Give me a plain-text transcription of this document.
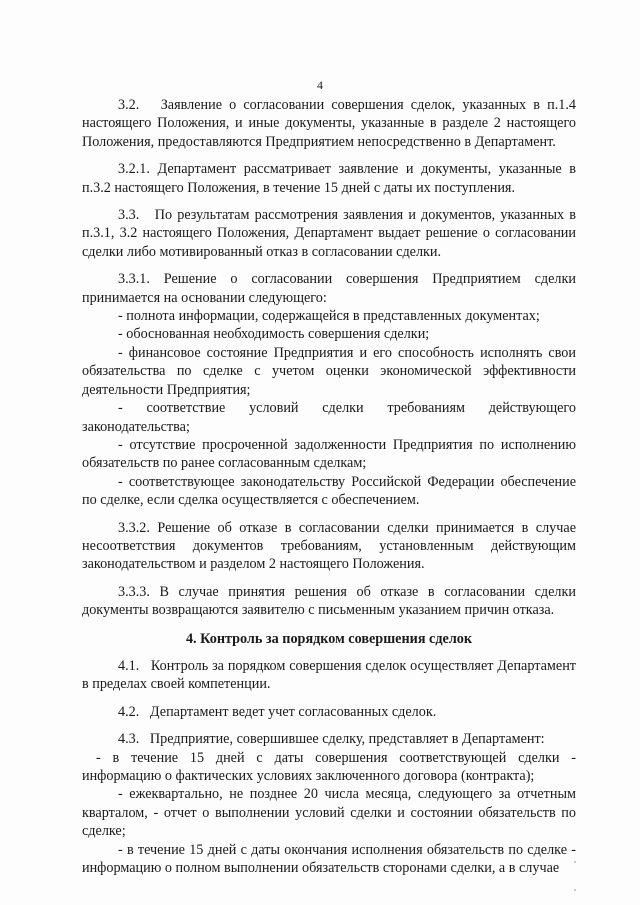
4

3.2.   Заявление о согласовании совершения сделок, указанных в п.1.4 настоящего Положения, и иные документы, указанные в разделе 2 настоящего Положения, предоставляются Предприятием непосредственно в Департамент.

3.2.1. Департамент рассматривает заявление и документы, указанные в п.3.2 настоящего Положения, в течение 15 дней с даты их поступления.

3.3.   По результатам рассмотрения заявления и документов, указанных в п.3.1, 3.2 настоящего Положения, Департамент выдает решение о согласовании сделки либо мотивированный отказ в согласовании сделки.

3.3.1. Решение о согласовании совершения Предприятием сделки принимается на основании следующего:

- полнота информации, содержащейся в представленных документах;

- обоснованная необходимость совершения сделки;

- финансовое состояние Предприятия и его способность исполнять свои обязательства по сделке с учетом оценки экономической эффективности деятельности Предприятия;

- соответствие условий сделки требованиям действующего законодательства;

- отсутствие просроченной задолженности Предприятия по исполнению обязательств по ранее согласованным сделкам;

- соответствующее законодательству Российской Федерации обеспечение по сделке, если сделка осуществляется с обеспечением.

3.3.2. Решение об отказе в согласовании сделки принимается в случае несоответствия документов требованиям, установленным действующим законодательством и разделом 2 настоящего Положения.

3.3.3. В случае принятия решения об отказе в согласовании сделки документы возвращаются заявителю с письменным указанием причин отказа.

4. Контроль за порядком совершения сделок

4.1.   Контроль за порядком совершения сделок осуществляет Департамент в пределах своей компетенции.

4.2.   Департамент ведет учет согласованных сделок.

4.3.   Предприятие, совершившее сделку, представляет в Департамент:

- в течение 15 дней с даты совершения соответствующей сделки - информацию о фактических условиях заключенного договора (контракта);

- ежеквартально, не позднее 20 числа месяца, следующего за отчетным кварталом, - отчет о выполнении условий сделки и состоянии обязательств по сделке;

- в течение 15 дней с даты окончания исполнения обязательств по сделке - информацию о полном выполнении обязательств сторонами сделки, а в случае
